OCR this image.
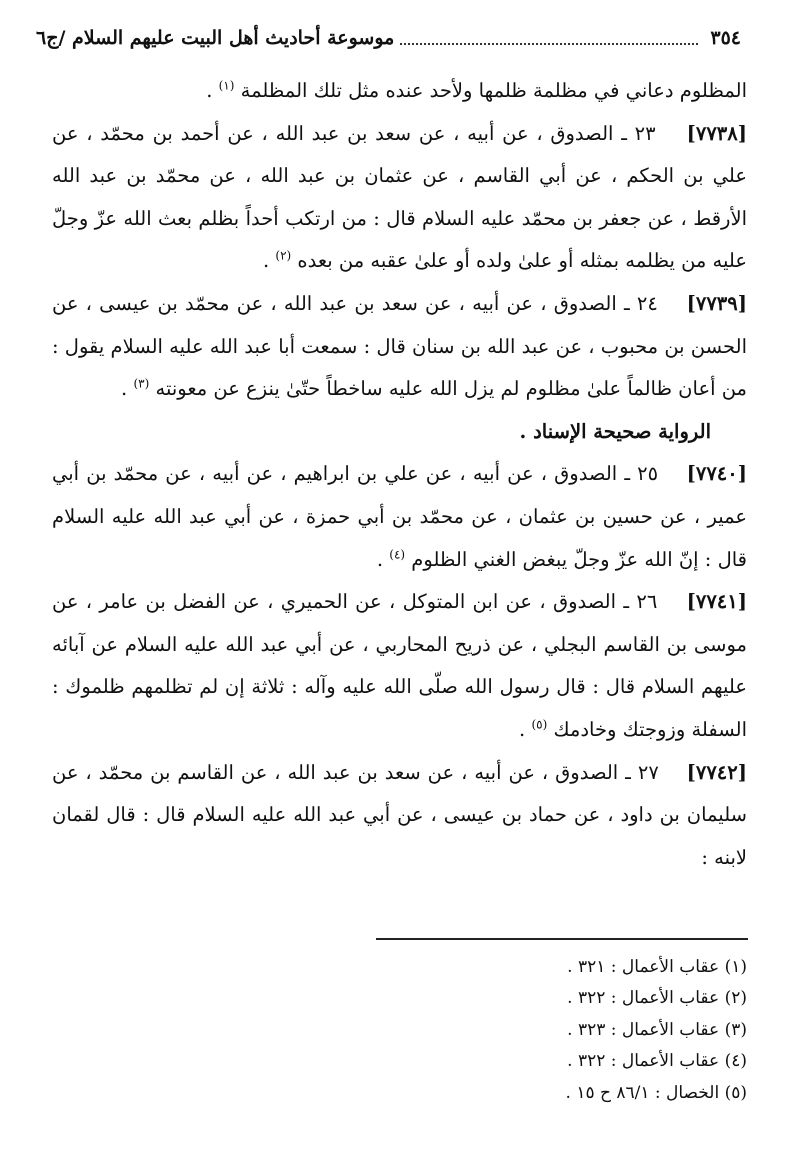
٣٥٤
موسوعة أحاديث أهل البيت عليهم السلام /ج٦

المظلوم دعاني في مظلمة ظلمها ولأحد عنده مثل تلك المظلمة $^{(١)}$ .

[٧٧٣٨]    ٢٣ ـ الصدوق ، عن أبيه ، عن سعد بن عبد الله ، عن أحمد بن محمّد ، عن علي بن الحكم ، عن أبي القاسم ، عن عثمان بن عبد الله ، عن محمّد بن عبد الله الأرقط ، عن جعفر بن محمّد عليه السلام قال : من ارتكب أحداً بظلم بعث الله عزّ وجلّ عليه من يظلمه بمثله أو علىٰ ولده أو علىٰ عقبه من بعده $^{(٢)}$ .

[٧٧٣٩]    ٢٤ ـ الصدوق ، عن أبيه ، عن سعد بن عبد الله ، عن محمّد بن عيسى ، عن الحسن بن محبوب ، عن عبد الله بن سنان قال : سمعت أبا عبد الله عليه السلام يقول : من أعان ظالماً علىٰ مظلوم لم يزل الله عليه ساخطاً حتّىٰ ينزع عن معونته $^{(٣)}$ .

الرواية صحيحة الإسناد .

[٧٧٤٠]    ٢٥ ـ الصدوق ، عن أبيه ، عن علي بن ابراهيم ، عن أبيه ، عن محمّد بن أبي عمير ، عن حسين بن عثمان ، عن محمّد بن أبي حمزة ، عن أبي عبد الله عليه السلام قال : إنّ الله عزّ وجلّ يبغض الغني الظلوم $^{(٤)}$ .

[٧٧٤١]    ٢٦ ـ الصدوق ، عن ابن المتوكل ، عن الحميري ، عن الفضل بن عامر ، عن موسى بن القاسم البجلي ، عن ذريح المحاربي ، عن أبي عبد الله عليه السلام عن آبائه عليهم السلام قال : قال رسول الله صلّى الله عليه وآله : ثلاثة إن لم تظلمهم ظلموك : السفلة وزوجتك وخادمك $^{(٥)}$ .

[٧٧٤٢]    ٢٧ ـ الصدوق ، عن أبيه ، عن سعد بن عبد الله ، عن القاسم بن محمّد ، عن سليمان بن داود ، عن حماد بن عيسى ، عن أبي عبد الله عليه السلام قال : قال لقمان لابنه :

(١) عقاب الأعمال : ٣٢١ .
(٢) عقاب الأعمال : ٣٢٢ .
(٣) عقاب الأعمال : ٣٢٣ .
(٤) عقاب الأعمال : ٣٢٢ .
(٥) الخصال : ٨٦/١ ح ١٥ .
